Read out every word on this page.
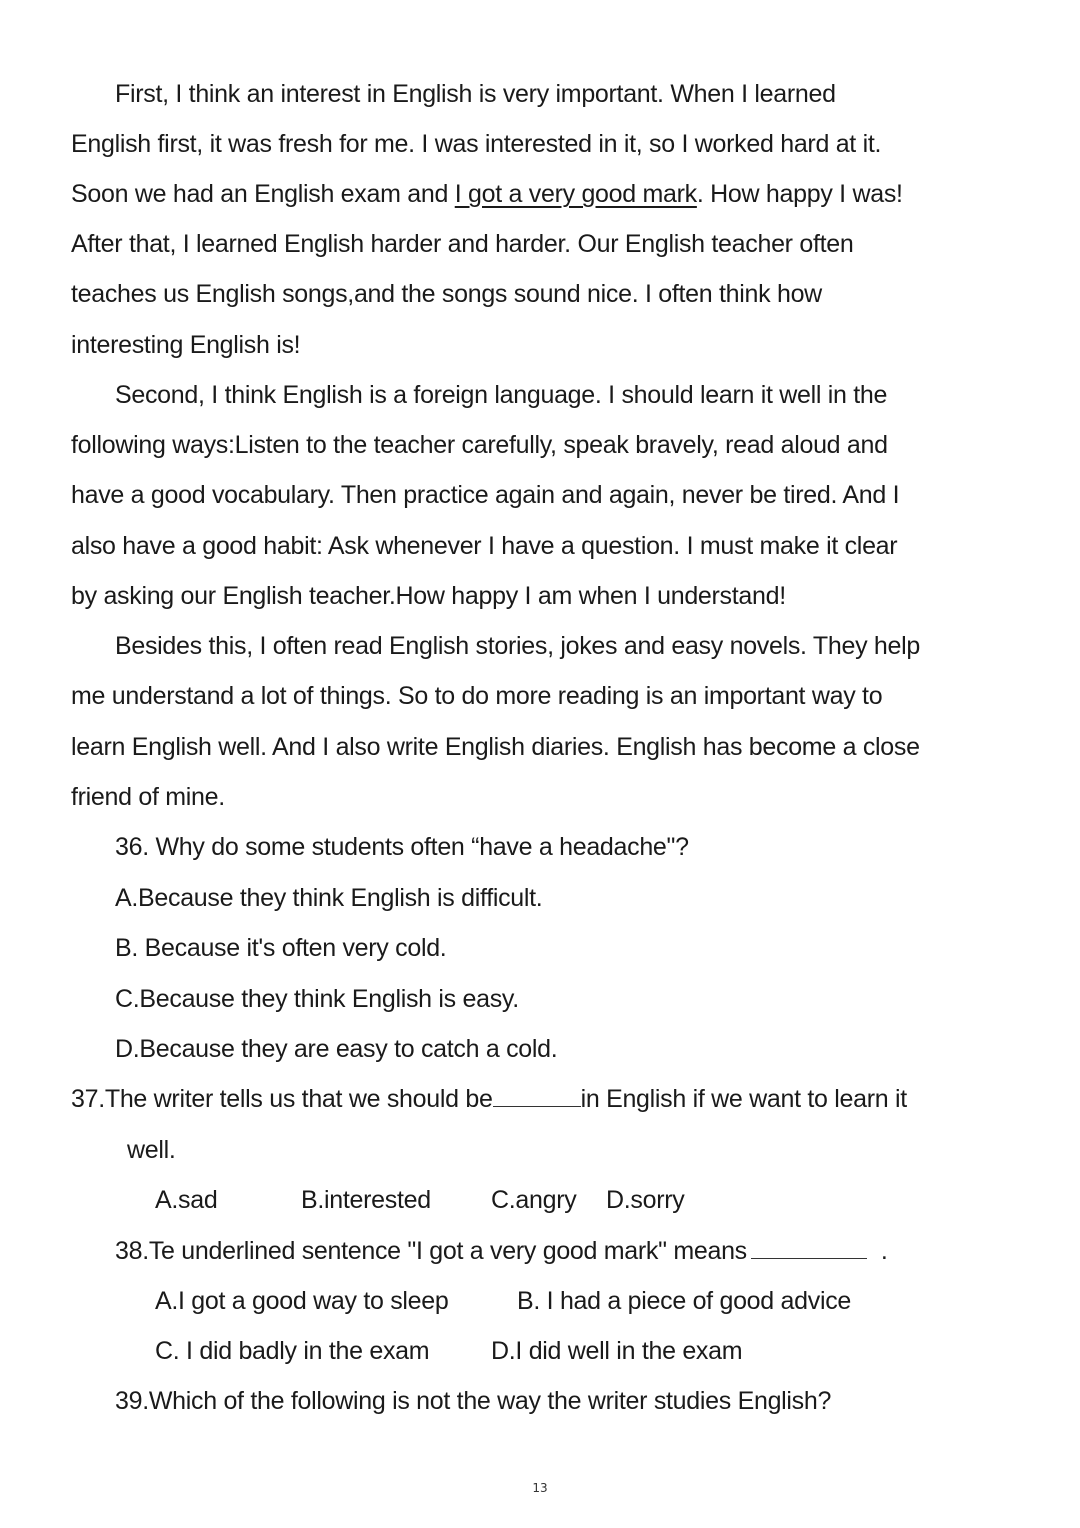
First, I think an interest in English is very important. When I learned
English first, it was fresh for me. I was interested in it, so I worked hard at it.
Soon we had an English exam and I got a very good mark. How happy I was!
After that, I learned English harder and harder. Our English teacher often
teaches us English songs,and the songs sound nice. I often think how
interesting English is!
Second, I think English is a foreign language. I should learn it well in the
following ways:Listen to the teacher carefully, speak bravely, read aloud and
have a good vocabulary. Then practice again and again, never be tired. And I
also have a good habit: Ask whenever I have a question. I must make it clear
by asking our English teacher.How happy I am when I understand!
Besides this, I often read English stories, jokes and easy novels. They help
me understand a lot of things. So to do more reading is an important way to
learn English well. And I also write English diaries. English has become a close
friend of mine.
36. Why do some students often “have a headache"?
A.Because they think English is difficult.
B. Because it's often very cold.
C.Because they think English is easy.
D.Because they are easy to catch a cold.
37.The writer tells us that we should be	in English if we want to learn it
well.
A.sad	B.interested C.angry D.sorry
38.Te underlined sentence "I got a very good mark" means	.
A.I got a good way to sleep	B. I had a piece of good advice
C. I did badly in the exam D.I did well in the exam
39.Which of the following is not the way the writer studies English?
13
